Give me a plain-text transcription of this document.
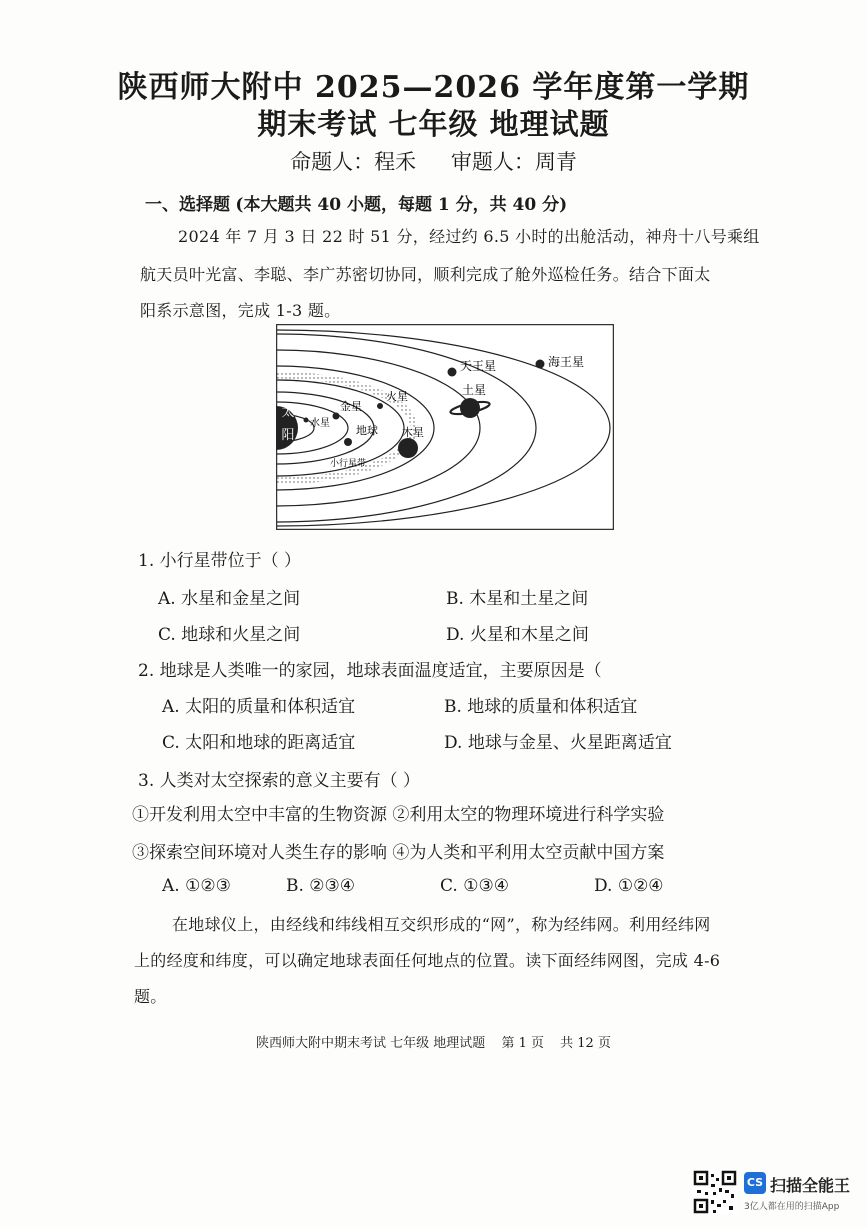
陕西师大附中 2025—2026 学年度第一学期
期末考试 七年级 地理试题
命题人：程禾 审题人：周青
一、选择题 (本大题共 40 小题，每题 1 分，共 40 分)
2024 年 7 月 3 日 22 时 51 分，经过约 6.5 小时的出舱活动，神舟十八号乘组
航天员叶光富、李聪、李广苏密切协同，顺利完成了舱外巡检任务。结合下面太
阳系示意图，完成 1-3 题。
太
阳
水星
金星
地球
火星
木星
小行星带
土星
天王星	海王星
1. 小行星带位于（ ）
A. 水星和金星之间	B. 木星和土星之间
C. 地球和火星之间	D. 火星和木星之间
2. 地球是人类唯一的家园，地球表面温度适宜，主要原因是（
A. 太阳的质量和体积适宜	B. 地球的质量和体积适宜
C. 太阳和地球的距离适宜	D. 地球与金星、火星距离适宜
3. 人类对太空探索的意义主要有（ ）
①开发利用太空中丰富的生物资源 ②利用太空的物理环境进行科学实验
③探索空间环境对人类生存的影响 ④为人类和平利用太空贡献中国方案
A. ①②③	B. ②③④	C. ①③④	D. ①②④
在地球仪上，由经线和纬线相互交织形成的“网”，称为经纬网。利用经纬网
上的经度和纬度，可以确定地球表面任何地点的位置。读下面经纬网图，完成 4-6
题。
陕西师大附中期末考试 七年级 地理试题 第 1 页 共 12 页
CS 扫描全能王
3亿人都在用的扫描App
